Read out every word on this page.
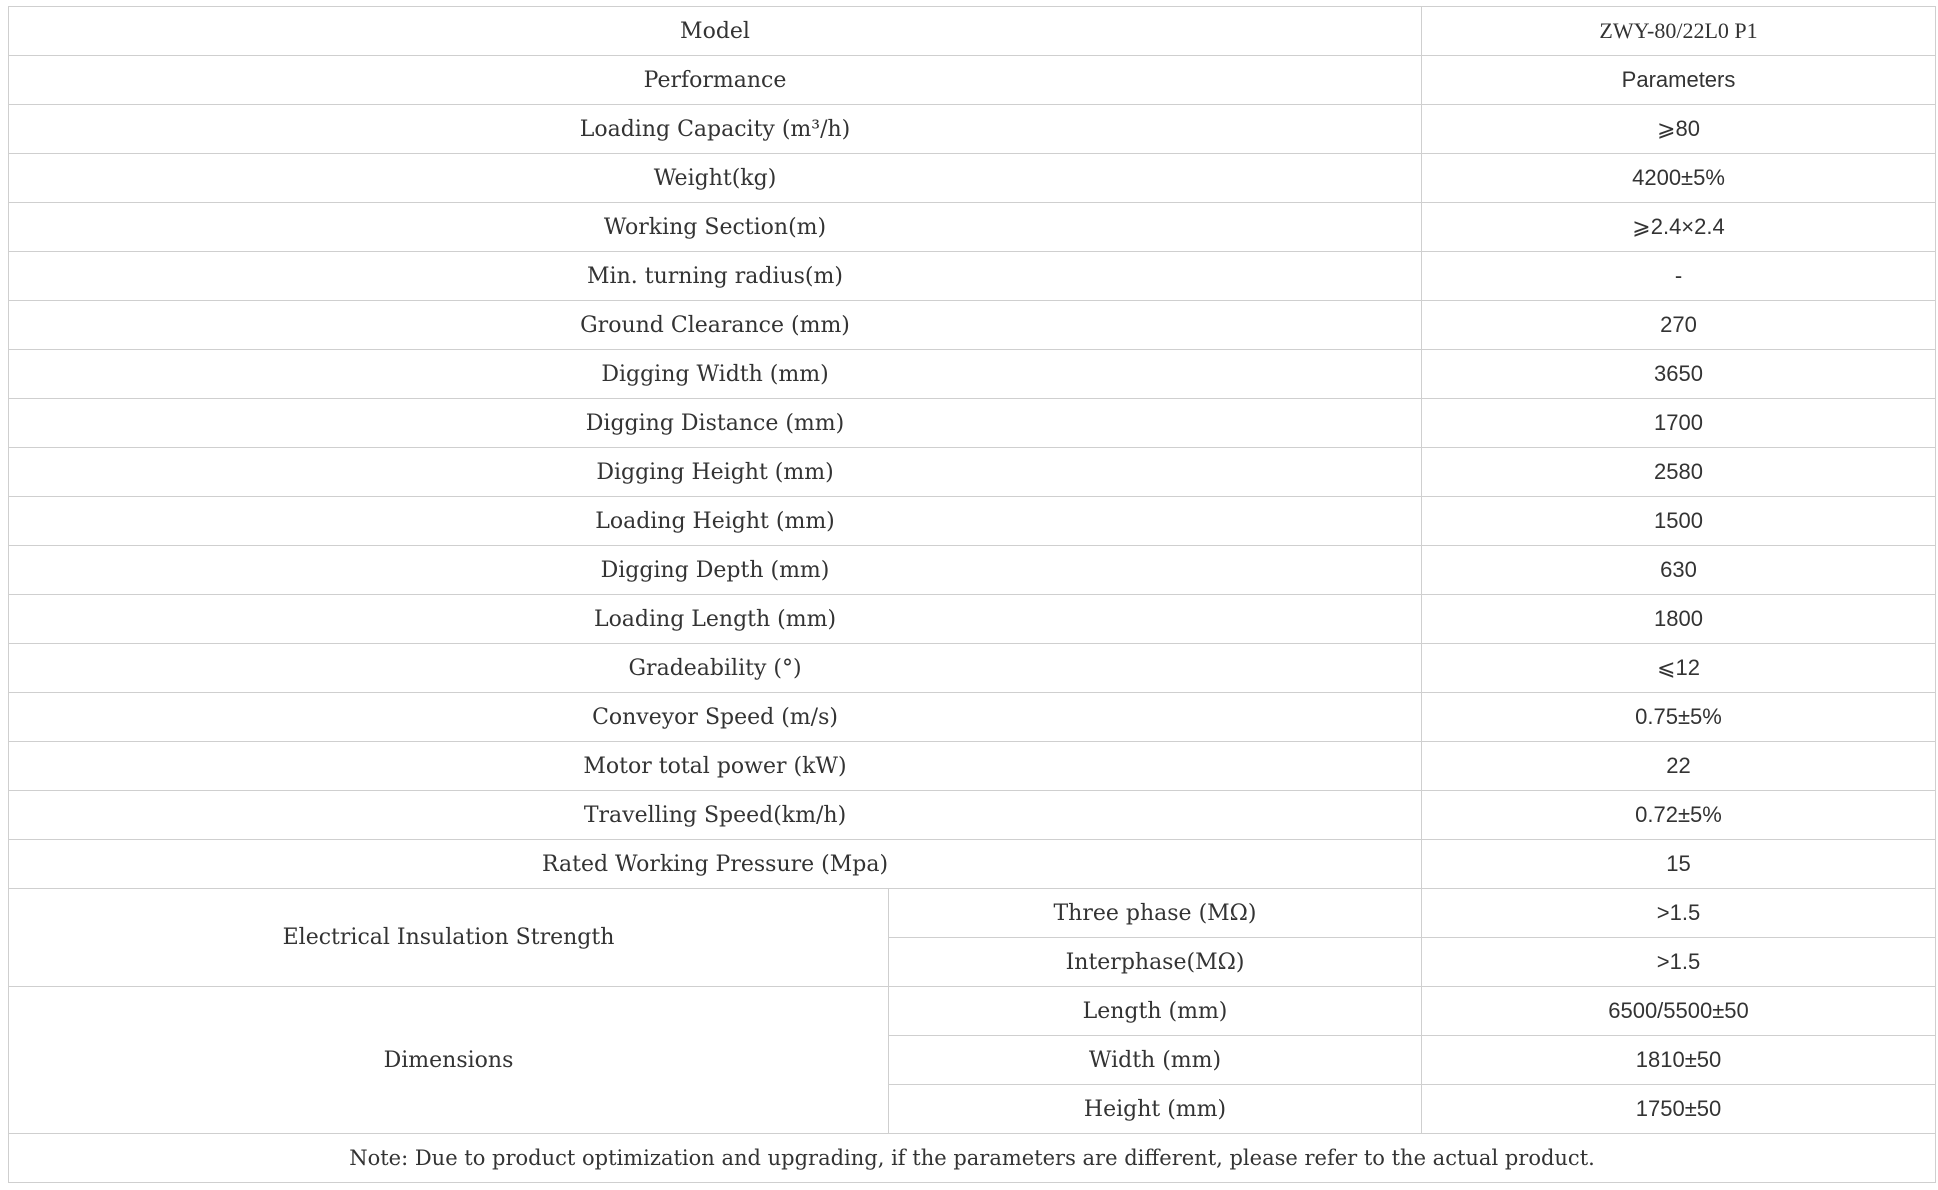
Model		ZWY-80/22L0 P1
Performance		Parameters
Loading Capacity (m³/h)		⩾80
Weight(kg)		4200±5%
Working Section(m)		⩾2.4×2.4
Min. turning radius(m)		-
Ground Clearance (mm)		270
Digging Width (mm)		3650
Digging Distance (mm)		1700
Digging Height (mm)		2580
Loading Height (mm)		1500
Digging Depth (mm)		630
Loading Length (mm)		1800
Gradeability (°)		⩽12
Conveyor Speed (m/s)		0.75±5%
Motor total power (kW)		22
Travelling Speed(km/h)		0.72±5%
Rated Working Pressure (Mpa)		15
Electrical Insulation Strength	Three phase (MΩ)	>1.5
	Interphase(MΩ)	>1.5
Dimensions	Length (mm)	6500/5500±50
	Width (mm)	1810±50
	Height (mm)	1750±50
Note: Due to product optimization and upgrading, if the parameters are different, please refer to the actual product.		
